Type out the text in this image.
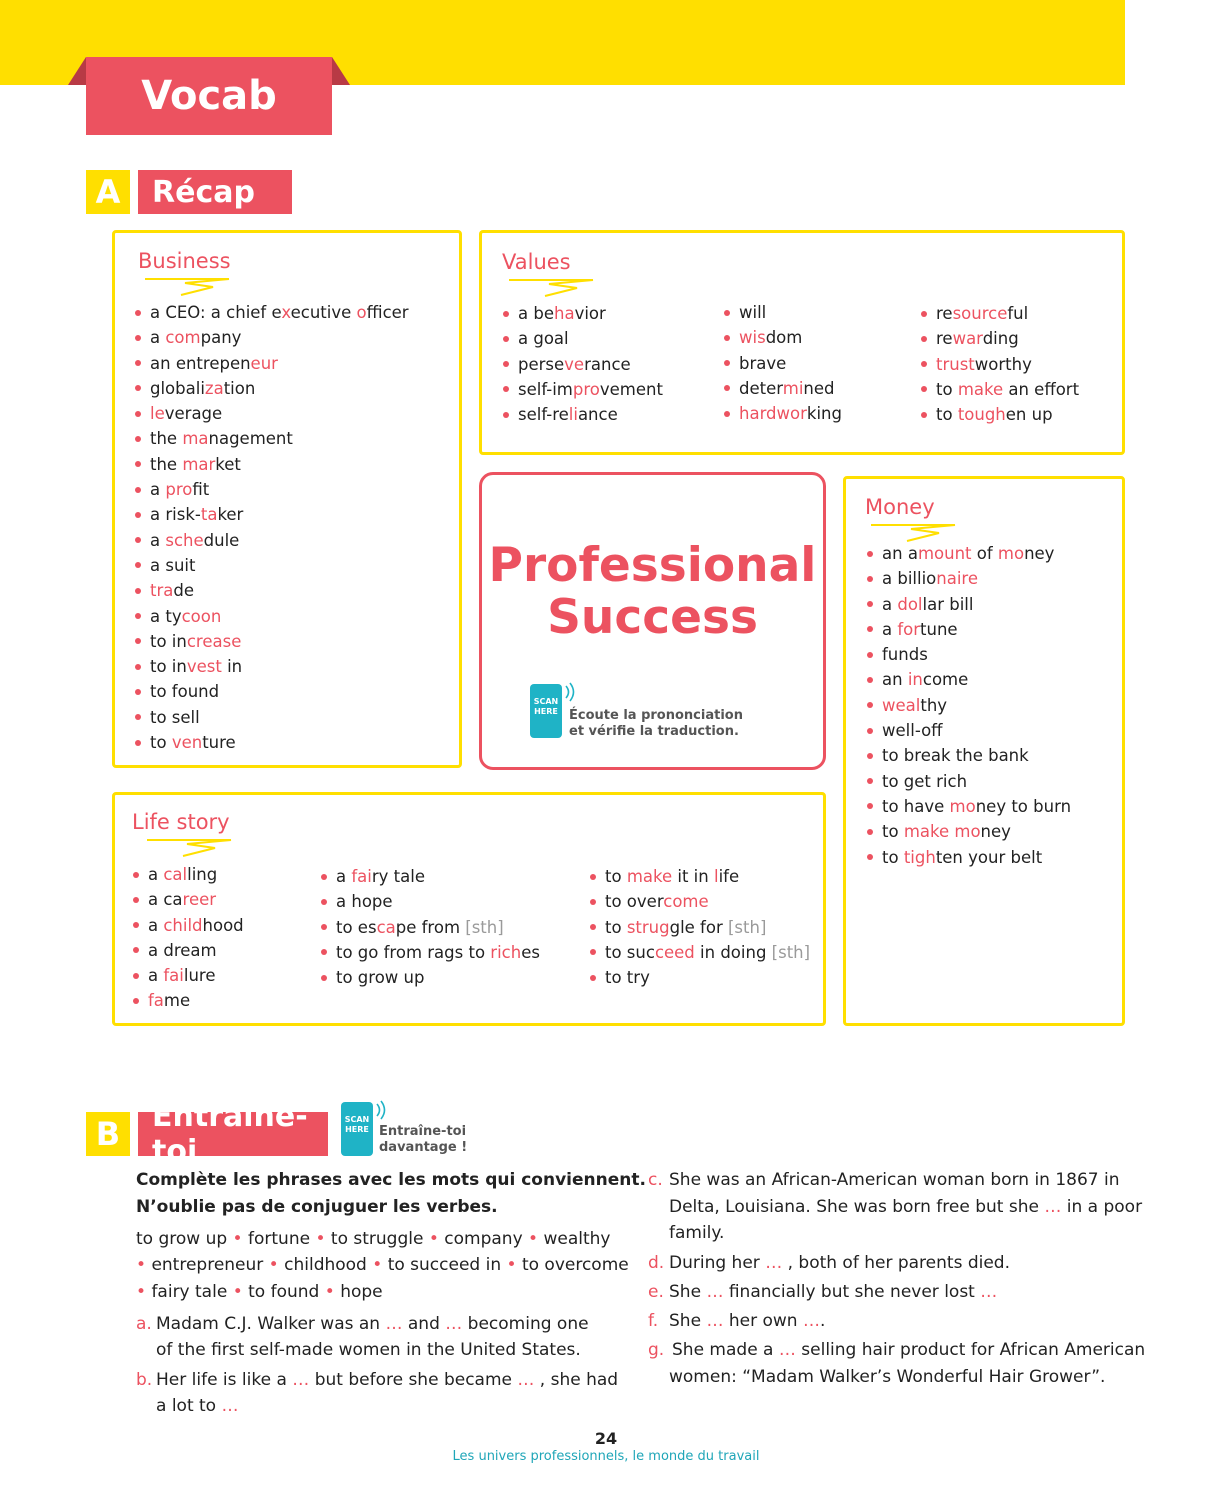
Vocab
A	Récap
Business
a CEO: a chief executive officer
a company
an entrepeneur
globalization
leverage
the management
the market
a profit
a risk-taker
a schedule
a suit
trade
a tycoon
to increase
to invest in
to found
to sell
to venture
Values
a behavior
a goal
perseverance
self-improvement
self-reliance
will
wisdom
brave
determined
hardworking
resourceful
rewarding
trustworthy
to make an effort
to toughen up
Professional
Success
SCAN HERE Écoute la prononciation
et vérifie la traduction.
Money
an amount of money
a billionaire
a dollar bill
a fortune
funds
an income
wealthy
well-off
to break the bank
to get rich
to have money to burn
to make money
to tighten your belt
Life story
a calling
a career
a childhood
a dream
a failure
fame
a fairy tale
a hope
to escape from [sth]
to go from rags to riches
to grow up
to make it in life
to overcome
to struggle for [sth]
to succeed in doing [sth]
to try
B	Entraîne-toi
SCAN HERE Entraîne-toi
davantage !
Complète les phrases avec les mots qui conviennent.
N’oublie pas de conjuguer les verbes.
to grow up • fortune • to struggle • company • wealthy
• entrepreneur • childhood • to succeed in • to overcome
• fairy tale • to found • hope
a. Madam C.J. Walker was an … and … becoming one
of the first self-made women in the United States.
b. Her life is like a … but before she became … , she had
a lot to …
c. She was an African-American woman born in 1867 in
Delta, Louisiana. She was born free but she … in a poor
family.
d. During her … , both of her parents died.
e. She … financially but she never lost …
f. She … her own ….
g. She made a … selling hair product for African American
women: “Madam Walker’s Wonderful Hair Grower”.
24
Les univers professionnels, le monde du travail
